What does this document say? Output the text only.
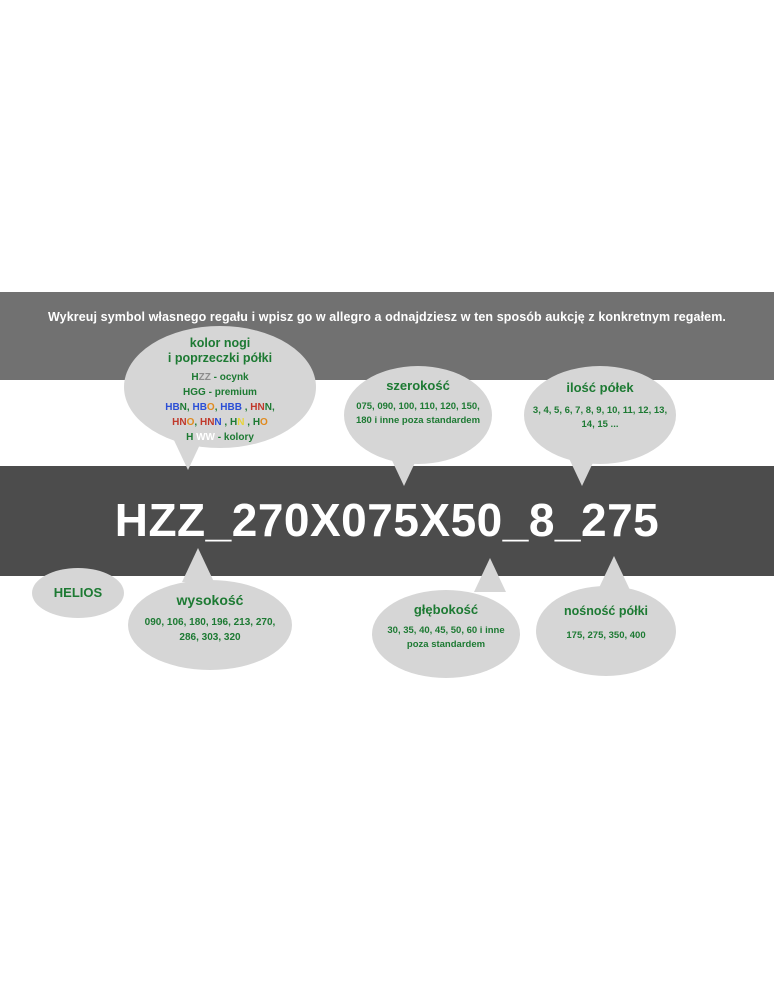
Wykreuj symbol własnego regału i wpisz go w allegro a odnajdziesz w ten sposób aukcję z konkretnym regałem.
HZZ_270X075X50_8_275
kolor nogi
i poprzeczki półki
HZZ - ocynk
HGG - premium
HBN, HBO, HBB , HNN,
HNO, HNN , HN , HO
H WW - kolory
szerokość
075, 090, 100, 110, 120, 150, 180 i inne poza standardem
ilość półek
3, 4, 5, 6, 7, 8, 9, 10, 11, 12, 13, 14, 15 ...
HELIOS	wysokość
090, 106, 180, 196, 213, 270, 286, 303, 320
głębokość
30, 35, 40, 45, 50, 60 i inne poza standardem
nośność półki
175, 275, 350, 400
